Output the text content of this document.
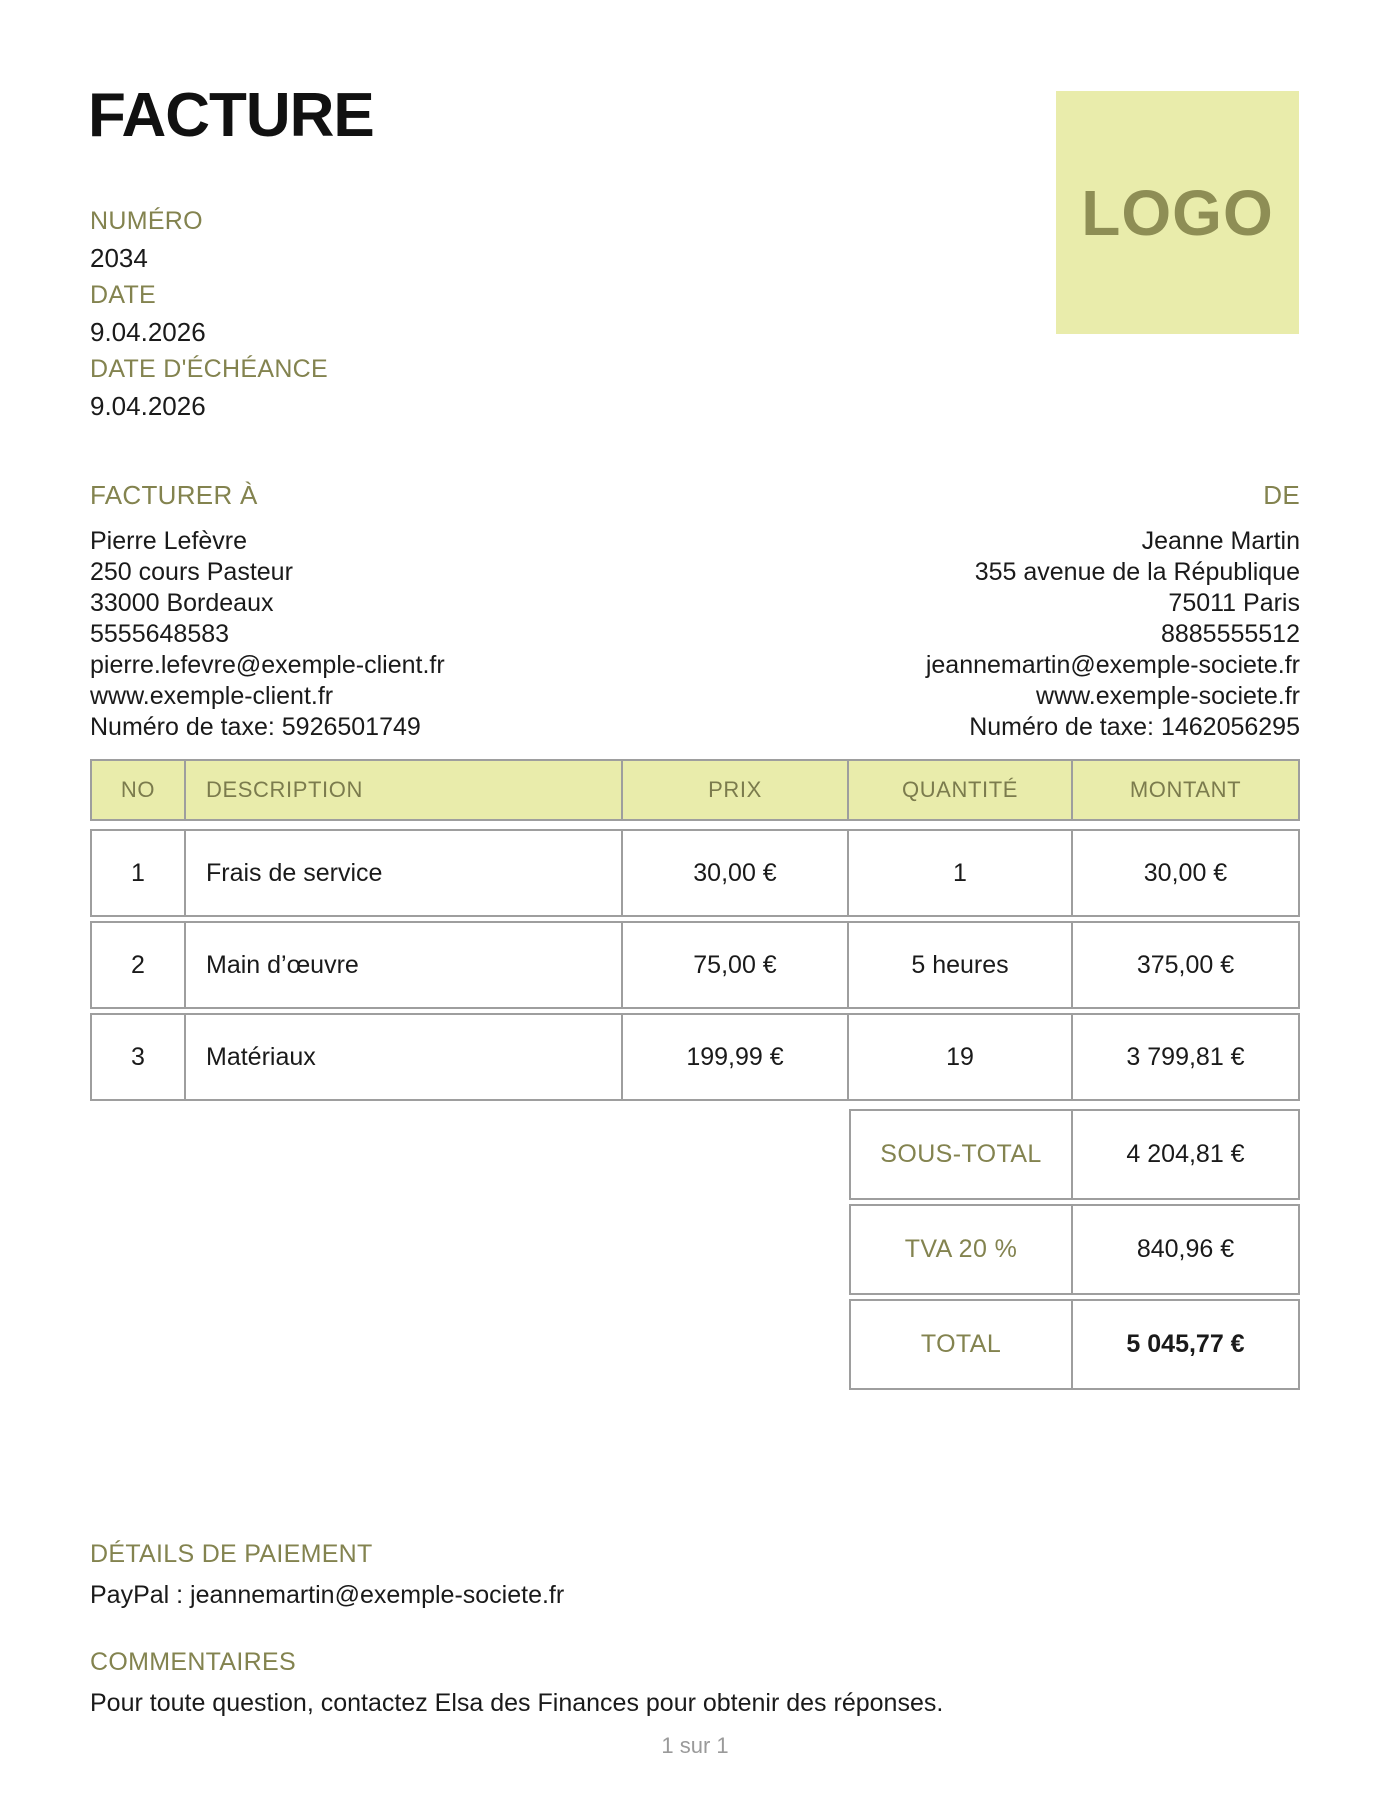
FACTURE
LOGO
NUMÉRO
2034
DATE
9.04.2026
DATE D'ÉCHÉANCE
9.04.2026
FACTURER À
Pierre Lefèvre
250 cours Pasteur
33000 Bordeaux
5555648583
pierre.lefevre@exemple-client.fr
www.exemple-client.fr
Numéro de taxe: 5926501749
DE
Jeanne Martin
355 avenue de la République
75011 Paris
8885555512
jeannemartin@exemple-societe.fr
www.exemple-societe.fr
Numéro de taxe: 1462056295
NO	DESCRIPTION	PRIX	QUANTITÉ	MONTANT
1	Frais de service	30,00 €	1	30,00 €
2	Main d’œuvre	75,00 €	5 heures	375,00 €
3	Matériaux	199,99 €	19	3 799,81 €
SOUS-TOTAL	4 204,81 €
TVA 20 %	840,96 €
TOTAL	5 045,77 €
DÉTAILS DE PAIEMENT
PayPal : jeannemartin@exemple-societe.fr
COMMENTAIRES
Pour toute question, contactez Elsa des Finances pour obtenir des réponses.
1 sur 1
